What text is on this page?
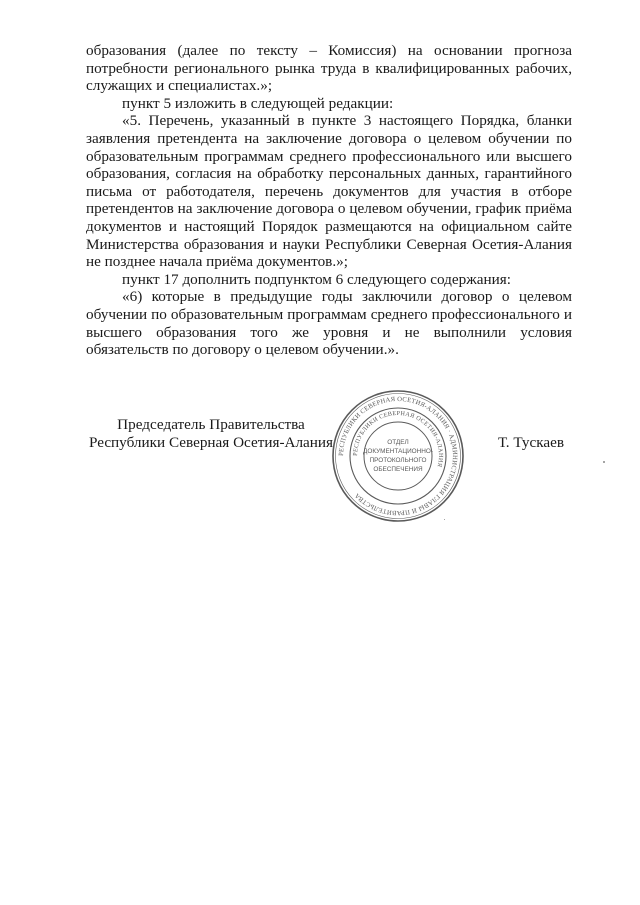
образования (далее по тексту – Комиссия) на основании прогноза потребности регионального рынка труда в квалифицированных рабочих, служащих и специалистах.»;

пункт 5 изложить в следующей редакции:

«5. Перечень, указанный в пункте 3 настоящего Порядка, бланки заявления претендента на заключение договора о целевом обучении по образовательным программам среднего профессионального или высшего образования, согласия на обработку персональных данных, гарантийного письма от работодателя, перечень документов для участия в отборе претендентов на заключение договора о целевом обучении, график приёма документов и настоящий Порядок размещаются на официальном сайте Министерства образования и науки Республики Северная Осетия-Алания не позднее начала приёма документов.»;

пункт 17 дополнить подпунктом 6 следующего содержания:

«6) которые в предыдущие годы заключили договор о целевом обучении по образовательным программам среднего профессионального и высшего образования того же уровня и не выполнили условия обязательств по договору о целевом обучении.».

Председатель Правительства
Республики Северная Осетия-Алания
РЕСПУБЛИКИ СЕВЕРНАЯ ОСЕТИЯ-АЛАНИЯ · АДМИНИСТРАЦИЯ ГЛАВЫ И ПРАВИТЕЛЬСТВА
РЕСПУБЛИКИ СЕВЕРНАЯ ОСЕТИЯ-АЛАНИЯ
ОТДЕЛ
ДОКУМЕНТАЦИОННО-
ПРОТОКОЛЬНОГО
ОБЕСПЕЧЕНИЯ
Т. Тускаев
